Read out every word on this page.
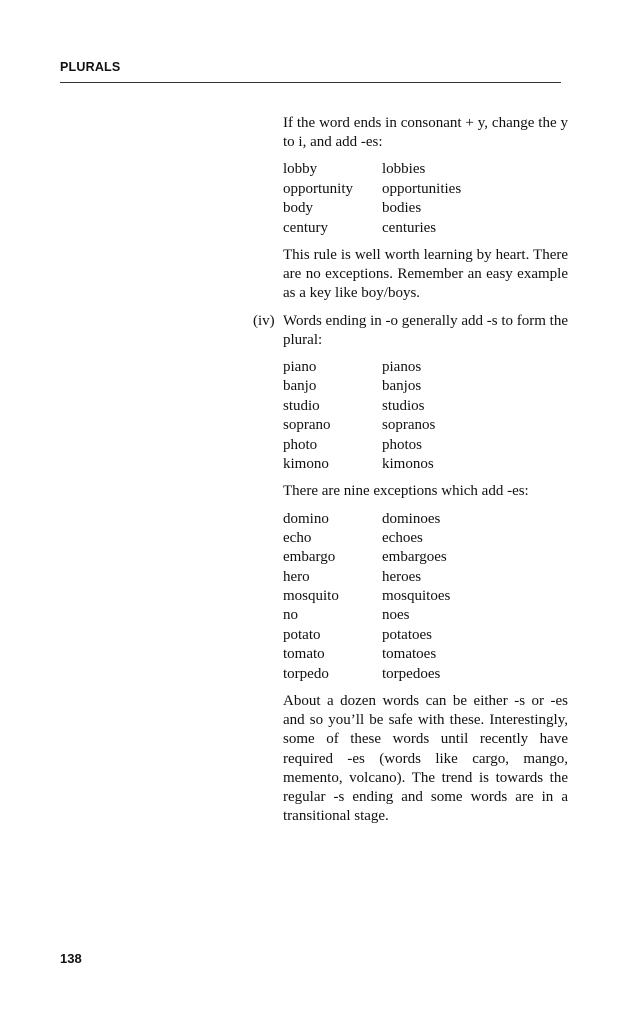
PLURALS

If the word ends in consonant + y, change the y to i, and add -es:

lobby	lobbies
opportunity	opportunities
body	bodies
century	centuries

This rule is well worth learning by heart. There are no exceptions. Remember an easy example as a key like boy/boys.

(iv) Words ending in -o generally add -s to form the plural:

piano	pianos
banjo	banjos
studio	studios
soprano	sopranos
photo	photos
kimono	kimonos

There are nine exceptions which add -es:

domino	dominoes
echo	echoes
embargo	embargoes
hero	heroes
mosquito	mosquitoes
no	noes
potato	potatoes
tomato	tomatoes
torpedo	torpedoes

About a dozen words can be either -s or -es and so you’ll be safe with these. Interestingly, some of these words until recently have required -es (words like cargo, mango, memento, volcano). The trend is towards the regular -s ending and some words are in a transitional stage.

138
